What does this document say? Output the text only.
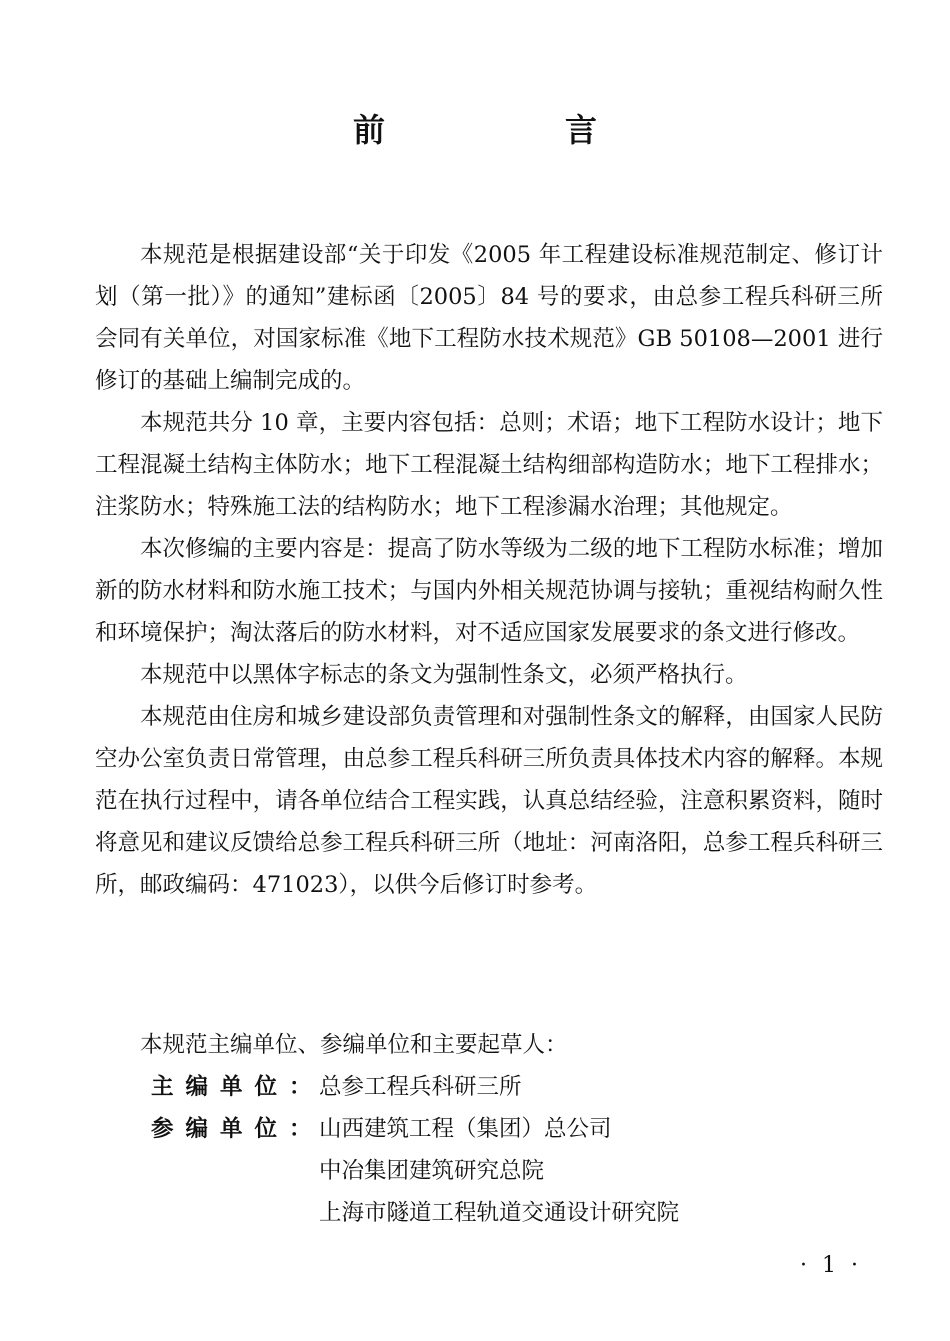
前　言

本规范是根据建设部“关于印发《2005 年工程建设标准规范制定、修订计划（第一批）》的通知”建标函〔2005〕84 号的要求，由总参工程兵科研三所会同有关单位，对国家标准《地下工程防水技术规范》GB 50108—2001 进行修订的基础上编制完成的。

本规范共分 10 章，主要内容包括：总则；术语；地下工程防水设计；地下工程混凝土结构主体防水；地下工程混凝土结构细部构造防水；地下工程排水；注浆防水；特殊施工法的结构防水；地下工程渗漏水治理；其他规定。

本次修编的主要内容是：提高了防水等级为二级的地下工程防水标准；增加新的防水材料和防水施工技术；与国内外相关规范协调与接轨；重视结构耐久性和环境保护；淘汰落后的防水材料，对不适应国家发展要求的条文进行修改。

本规范中以黑体字标志的条文为强制性条文，必须严格执行。

本规范由住房和城乡建设部负责管理和对强制性条文的解释，由国家人民防空办公室负责日常管理，由总参工程兵科研三所负责具体技术内容的解释。本规范在执行过程中，请各单位结合工程实践，认真总结经验，注意积累资料，随时将意见和建议反馈给总参工程兵科研三所（地址：河南洛阳，总参工程兵科研三所，邮政编码：471023），以供今后修订时参考。

本规范主编单位、参编单位和主要起草人：

主编单位：
总参工程兵科研三所
参编单位：
山西建筑工程（集团）总公司
中冶集团建筑研究总院
上海市隧道工程轨道交通设计研究院
· 1 ·
